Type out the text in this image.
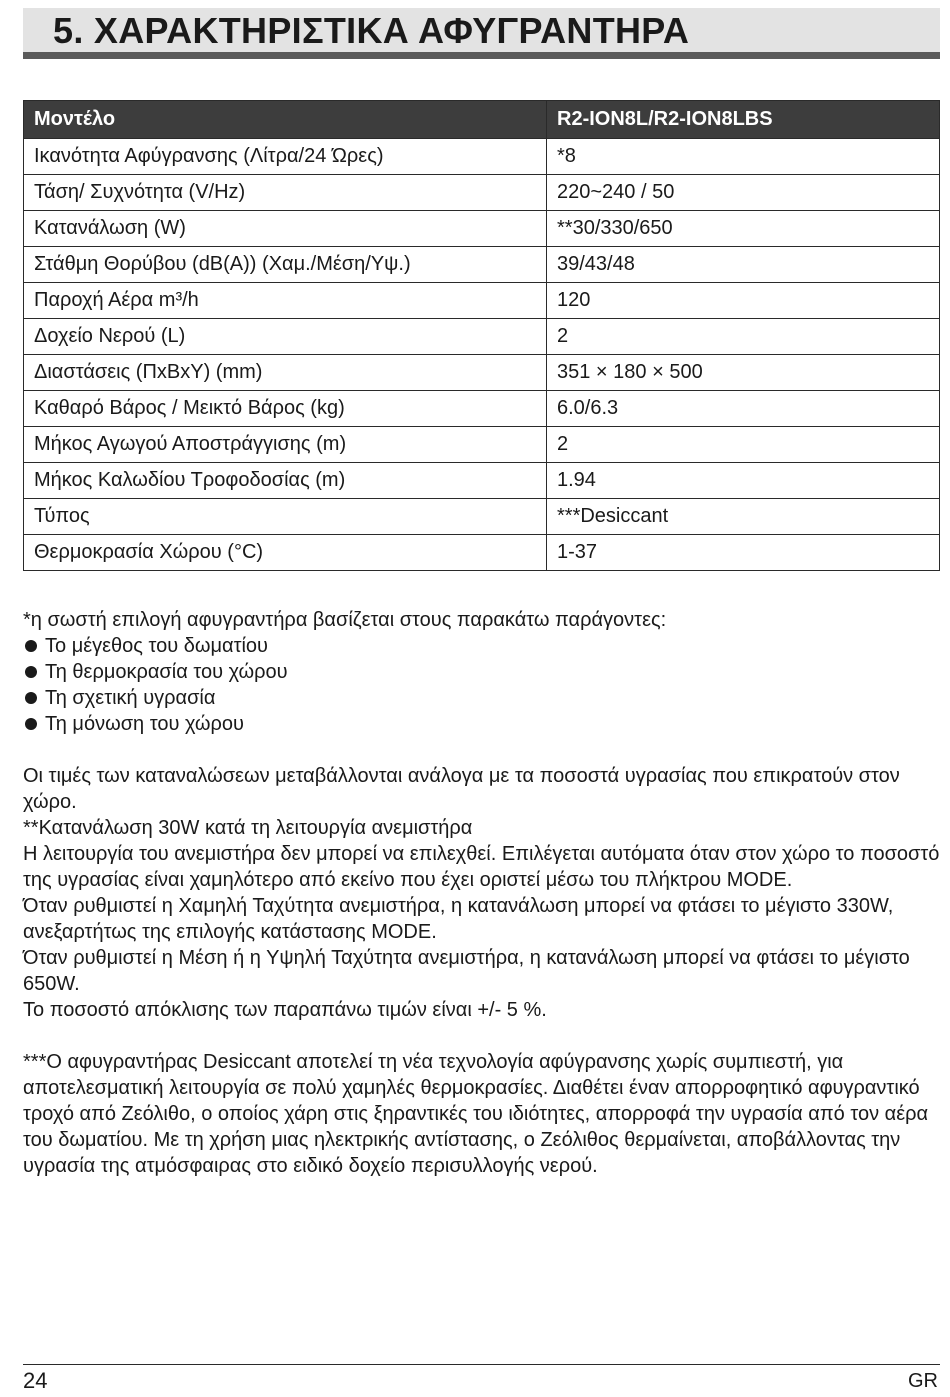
5. ΧΑΡΑΚΤΗΡΙΣΤΙΚΑ ΑΦΥΓΡΑΝΤΗΡΑ
Μοντέλο	R2-ION8L/R2-ION8LBS
Ικανότητα Αφύγρανσης (Λίτρα/24 Ώρες)	*8
Τάση/ Συχνότητα (V/Hz)	220~240 / 50
Κατανάλωση (W)	**30/330/650
Στάθμη Θορύβου (dB(A)) (Χαμ./Μέση/Υψ.)	39/43/48
Παροχή Αέρα m³/h	120
Δοχείο Νερού (L)	2
Διαστάσεις (ΠxΒxΥ) (mm)	351 × 180 × 500
Καθαρό Βάρος / Μεικτό Βάρος (kg)	6.0/6.3
Μήκος Αγωγού Αποστράγγισης (m)	2
Μήκος Καλωδίου Τροφοδοσίας (m)	1.94
Τύπος	***Desiccant
Θερμοκρασία Χώρου (°C)	1-37

*η σωστή επιλογή αφυγραντήρα βασίζεται στους παρακάτω παράγοντες:

Το μέγεθος του δωματίου
Τη θερμοκρασία του χώρου
Τη σχετική υγρασία
Τη μόνωση του χώρου

Οι τιμές των καταναλώσεων μεταβάλλονται ανάλογα με τα ποσοστά υγρασίας που επικρατούν στον χώρο.

**Κατανάλωση 30W κατά τη λειτουργία ανεμιστήρα

Η λειτουργία του ανεμιστήρα δεν μπορεί να επιλεχθεί. Επιλέγεται αυτόματα όταν στον χώρο το ποσοστό της υγρασίας είναι χαμηλότερο από εκείνο που έχει οριστεί μέσω του πλήκτρου MODE.

Όταν ρυθμιστεί η Χαμηλή Ταχύτητα ανεμιστήρα, η κατανάλωση μπορεί να φτάσει το μέγιστο 330W, ανεξαρτήτως της επιλογής κατάστασης MODE.

Όταν ρυθμιστεί η Μέση ή η Υψηλή Ταχύτητα ανεμιστήρα, η κατανάλωση μπορεί να φτάσει το μέγιστο 650W.

Το ποσοστό απόκλισης των παραπάνω τιμών είναι +/- 5 %.

***Ο αφυγραντήρας Desiccant αποτελεί τη νέα τεχνολογία αφύγρανσης χωρίς συμπιεστή, για αποτελεσματική λειτουργία σε πολύ χαμηλές θερμοκρασίες. Διαθέτει έναν απορροφητικό αφυγραντικό τροχό από Ζεόλιθο, ο οποίος χάρη στις ξηραντικές του ιδιότητες, απορροφά την υγρασία από τον αέρα του δωματίου. Με τη χρήση μιας ηλεκτρικής αντίστασης, ο Ζεόλιθος θερμαίνεται, αποβάλλοντας την υγρασία της ατμόσφαιρας στο ειδικό δοχείο περισυλλογής νερού.

24	GR
